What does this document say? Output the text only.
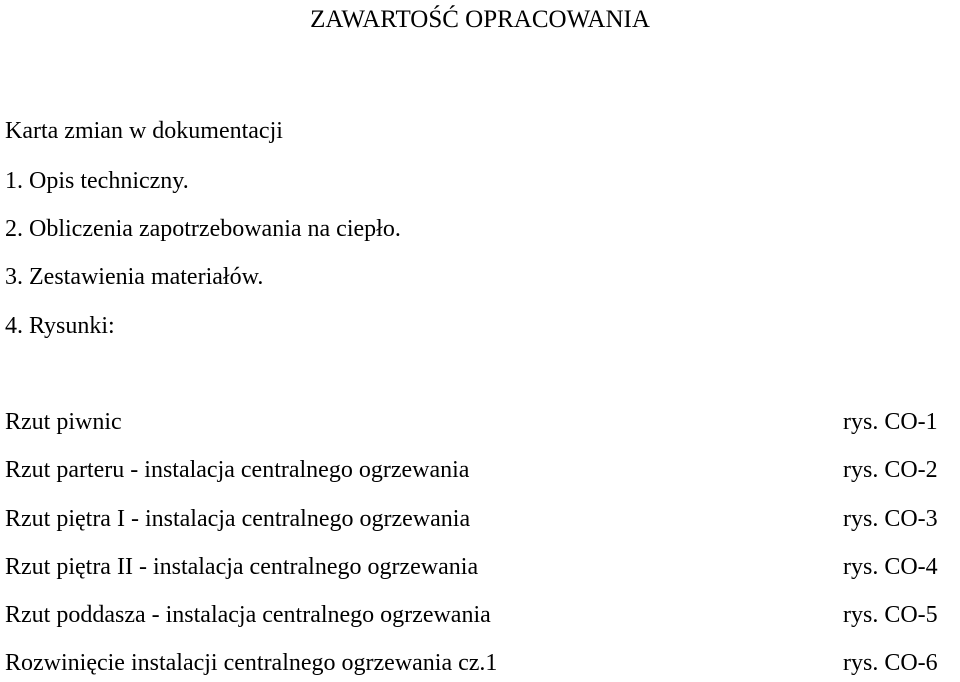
ZAWARTOŚĆ OPRACOWANIA
Karta zmian w dokumentacji
1. Opis techniczny.
2. Obliczenia zapotrzebowania na ciepło.
3. Zestawienia materiałów.
4. Rysunki:
Rzut piwnic	rys. CO-1
Rzut parteru - instalacja centralnego ogrzewania	rys. CO-2
Rzut piętra I - instalacja centralnego ogrzewania	rys. CO-3
Rzut piętra II - instalacja centralnego ogrzewania	rys. CO-4
Rzut poddasza - instalacja centralnego ogrzewania	rys. CO-5
Rozwinięcie instalacji centralnego ogrzewania cz.1	rys. CO-6
